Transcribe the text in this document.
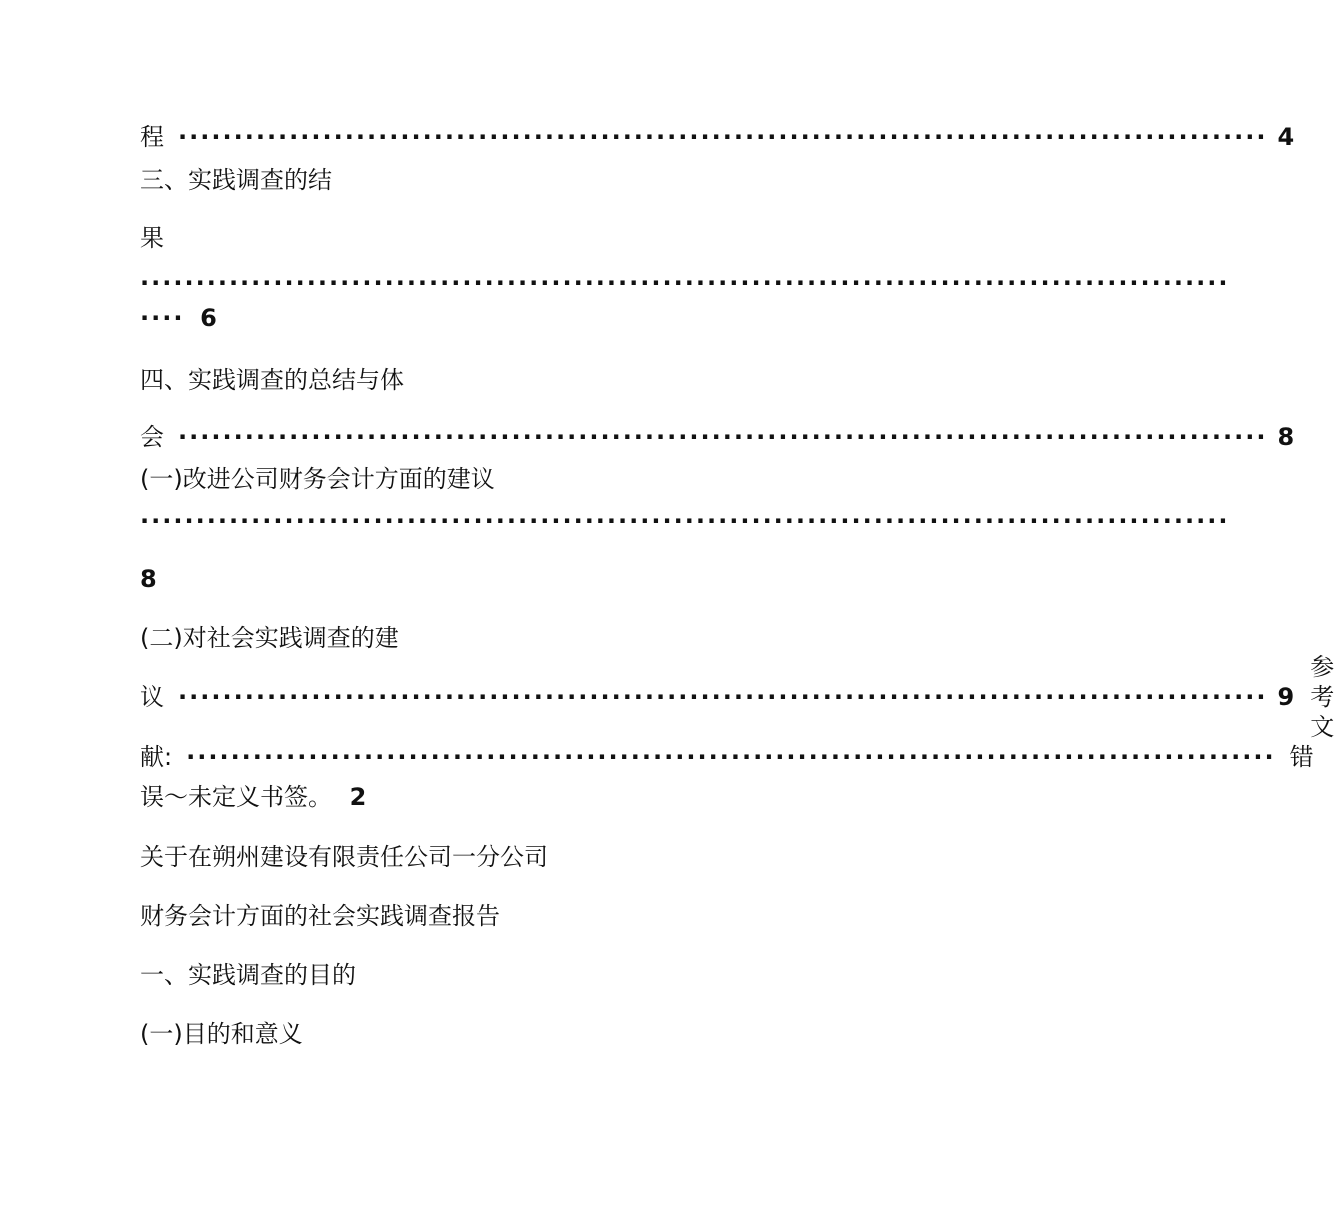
程 ·································································································· 4
三、实践调查的结
果
··································································································
···· 6
四、实践调查的总结与体
会 ·································································································· 8
(一)改进公司财务会计方面的建议
··································································································
8
(二)对社会实践调查的建
议 ·································································································· 9
参考文
献: ·································································································· 错
误～未定义书签。 2
关于在朔州建设有限责任公司一分公司
财务会计方面的社会实践调查报告
一、实践调查的目的
(一)目的和意义
